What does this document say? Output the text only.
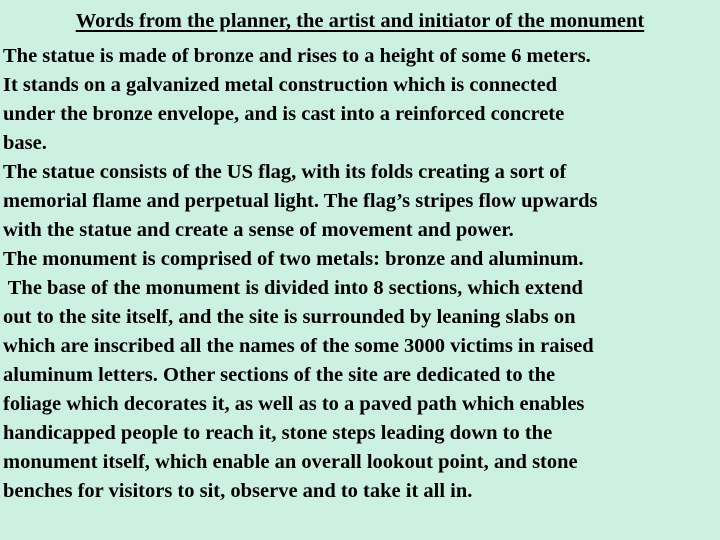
Words from the planner, the artist and initiator of the monument
The statue is made of bronze and rises to a height of some 6 meters.
It stands on a galvanized metal construction which is connected
under the bronze envelope, and is cast into a reinforced concrete
base.
The statue consists of the US flag, with its folds creating a sort of
memorial flame and perpetual light. The flag’s stripes flow upwards
with the statue and create a sense of movement and power.
The monument is comprised of two metals: bronze and aluminum.
The base of the monument is divided into 8 sections, which extend
out to the site itself, and the site is surrounded by leaning slabs on
which are inscribed all the names of the some 3000 victims in raised
aluminum letters. Other sections of the site are dedicated to the
foliage which decorates it, as well as to a paved path which enables
handicapped people to reach it, stone steps leading down to the
monument itself, which enable an overall lookout point, and stone
benches for visitors to sit, observe and to take it all in.
